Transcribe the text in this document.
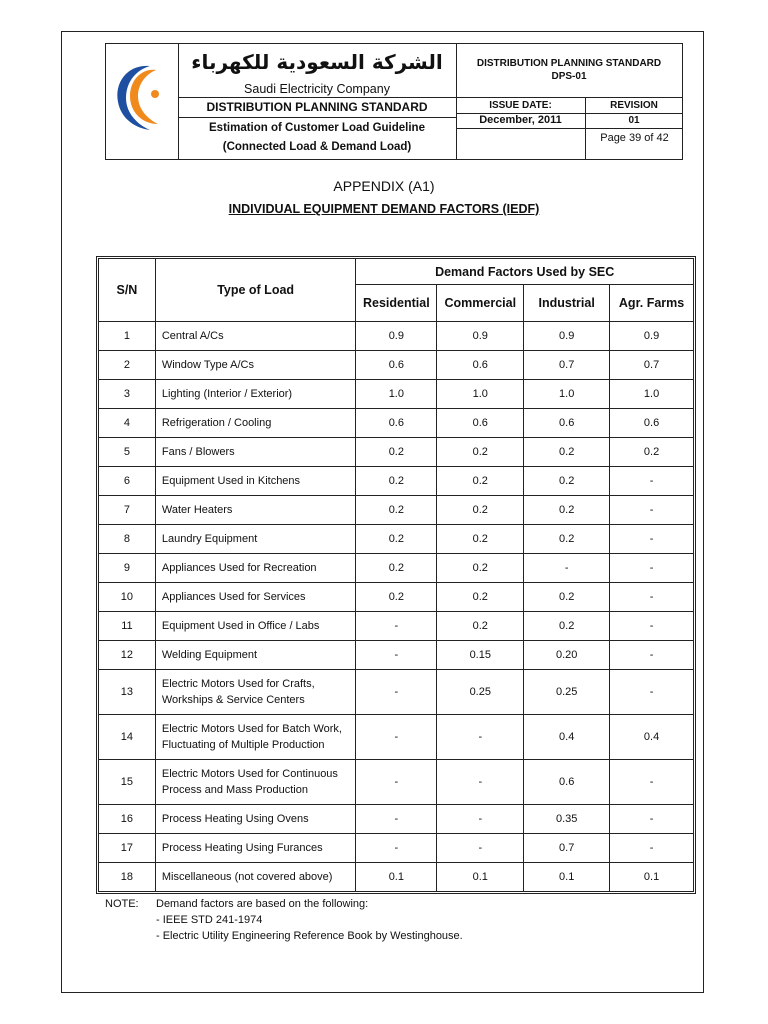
الشركة السعودية للكهرباء
Saudi Electricity Company
DISTRIBUTION PLANNING STANDARD
Estimation of Customer Load Guideline
(Connected Load & Demand Load)
DISTRIBUTION PLANNING STANDARD
DPS-01
ISSUE DATE:	REVISION
December, 2011	01
Page 39 of 42
APPENDIX (A1)
INDIVIDUAL EQUIPMENT DEMAND FACTORS (IEDF)
S/N	Type of Load	Demand Factors Used by SEC			
		Residential	Commercial	Industrial	Agr. Farms
1	Central A/Cs	0.9	0.9	0.9	0.9
2	Window Type A/Cs	0.6	0.6	0.7	0.7
3	Lighting (Interior / Exterior)	1.0	1.0	1.0	1.0
4	Refrigeration / Cooling	0.6	0.6	0.6	0.6
5	Fans / Blowers	0.2	0.2	0.2	0.2
6	Equipment Used in Kitchens	0.2	0.2	0.2	-
7	Water Heaters	0.2	0.2	0.2	-
8	Laundry Equipment	0.2	0.2	0.2	-
9	Appliances Used for Recreation	0.2	0.2	-	-
10	Appliances Used for Services	0.2	0.2	0.2	-
11	Equipment Used in Office / Labs	-	0.2	0.2	-
12	Welding Equipment	-	0.15	0.20	-
13	Electric Motors Used for Crafts,
Workships & Service Centers	-	0.25	0.25	-
14	Electric Motors Used for Batch Work,
Fluctuating of Multiple Production	-	-	0.4	0.4
15	Electric Motors Used for Continuous
Process and Mass Production	-	-	0.6	-
16	Process Heating Using Ovens	-	-	0.35	-
17	Process Heating Using Furances	-	-	0.7	-
18	Miscellaneous (not covered above)	0.1	0.1	0.1	0.1
NOTE: Demand factors are based on the following:
- IEEE STD 241-1974
- Electric Utility Engineering Reference Book by Westinghouse.
